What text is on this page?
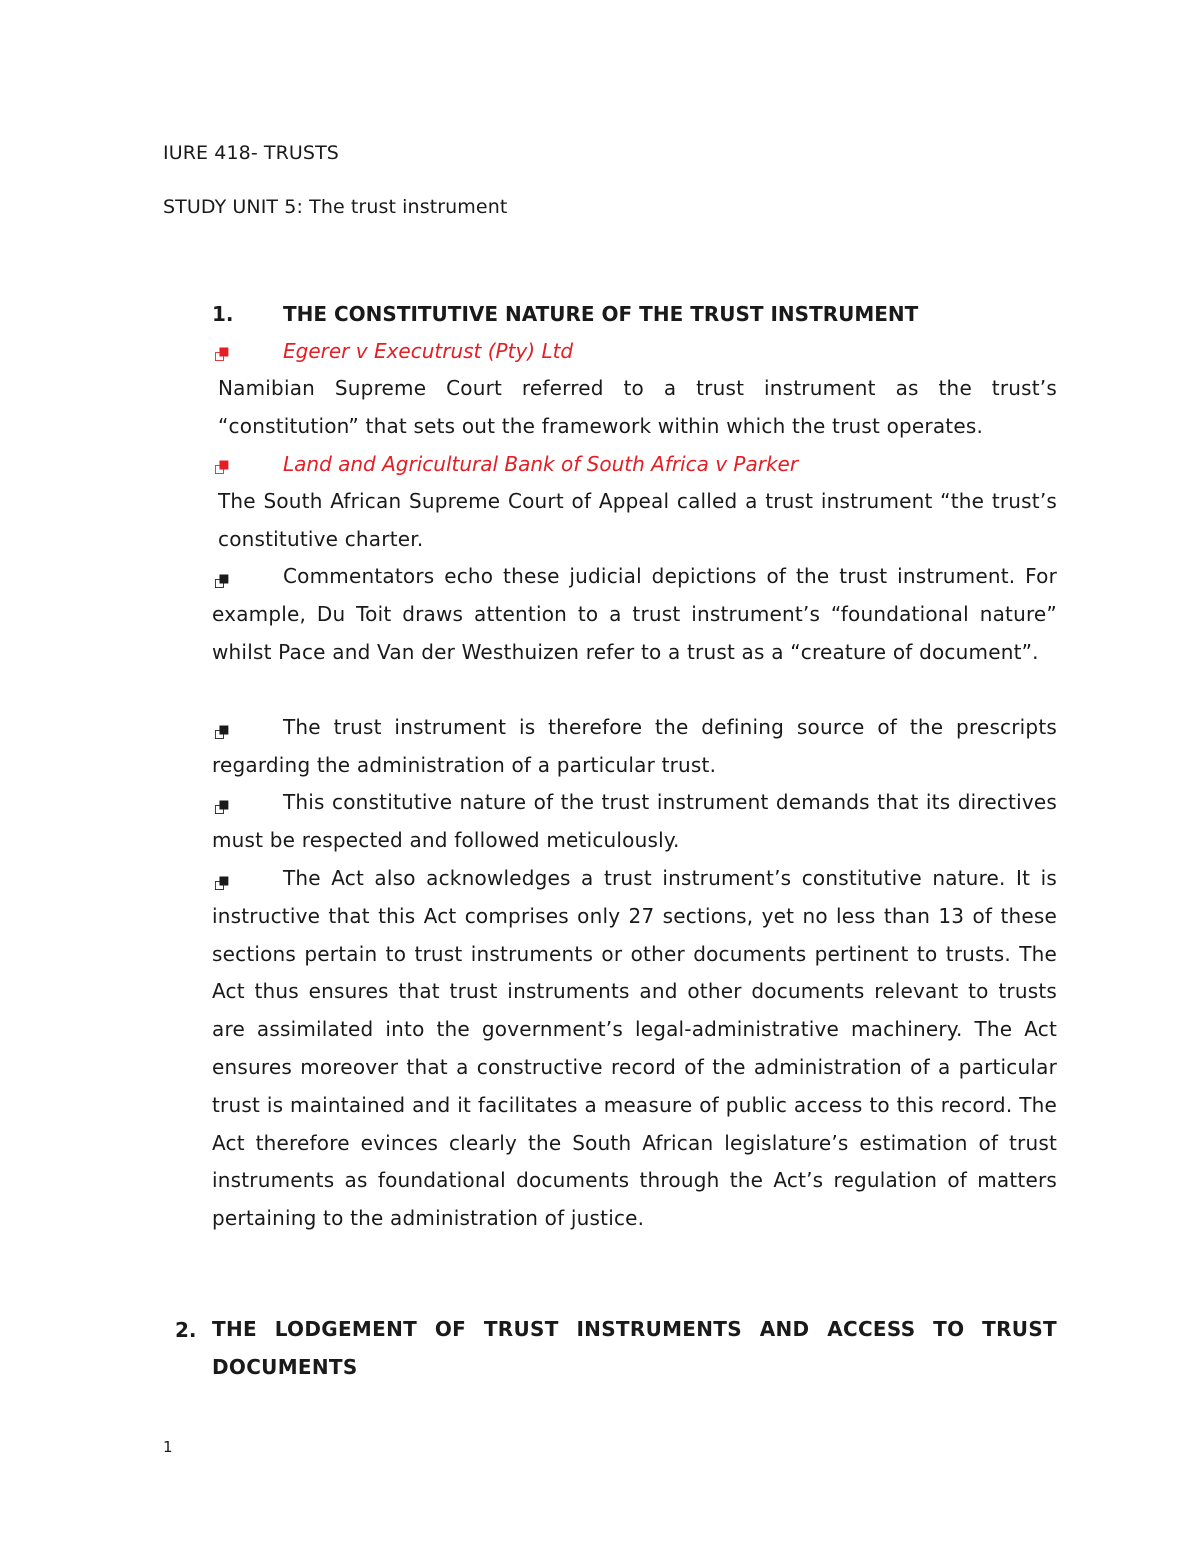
IURE 418- TRUSTS

STUDY UNIT 5: The trust instrument

1. THE CONSTITUTIVE NATURE OF THE TRUST INSTRUMENT
⮻	Egerer v Executrust (Pty) Ltd

Namibian Supreme Court referred to a trust instrument as the trust’s “constitution” that sets out the framework within which the trust operates.

⮻	Land and Agricultural Bank of South Africa v Parker

The South African Supreme Court of Appeal called a trust instrument “the trust’s constitutive charter.

⮻	Commentators echo these judicial depictions of the trust instrument. For example, Du Toit draws attention to a trust instrument’s “foundational nature” whilst Pace and Van der Westhuizen refer to a trust as a “creature of document”.

⮻	The trust instrument is therefore the defining source of the prescripts regarding the administration of a particular trust.

⮻	This constitutive nature of the trust instrument demands that its directives must be respected and followed meticulously.

⮻	The Act also acknowledges a trust instrument’s constitutive nature. It is instructive that this Act comprises only 27 sections, yet no less than 13 of these sections pertain to trust instruments or other documents pertinent to trusts. The Act thus ensures that trust instruments and other documents relevant to trusts are assimilated into the government’s legal-administrative machinery. The Act ensures moreover that a constructive record of the administration of a particular trust is maintained and it facilitates a measure of public access to this record. The Act therefore evinces clearly the South African legislature’s estimation of trust instruments as foundational documents through the Act’s regulation of matters pertaining to the administration of justice.

2. THE LODGEMENT OF TRUST INSTRUMENTS AND ACCESS TO TRUST DOCUMENTS

1
